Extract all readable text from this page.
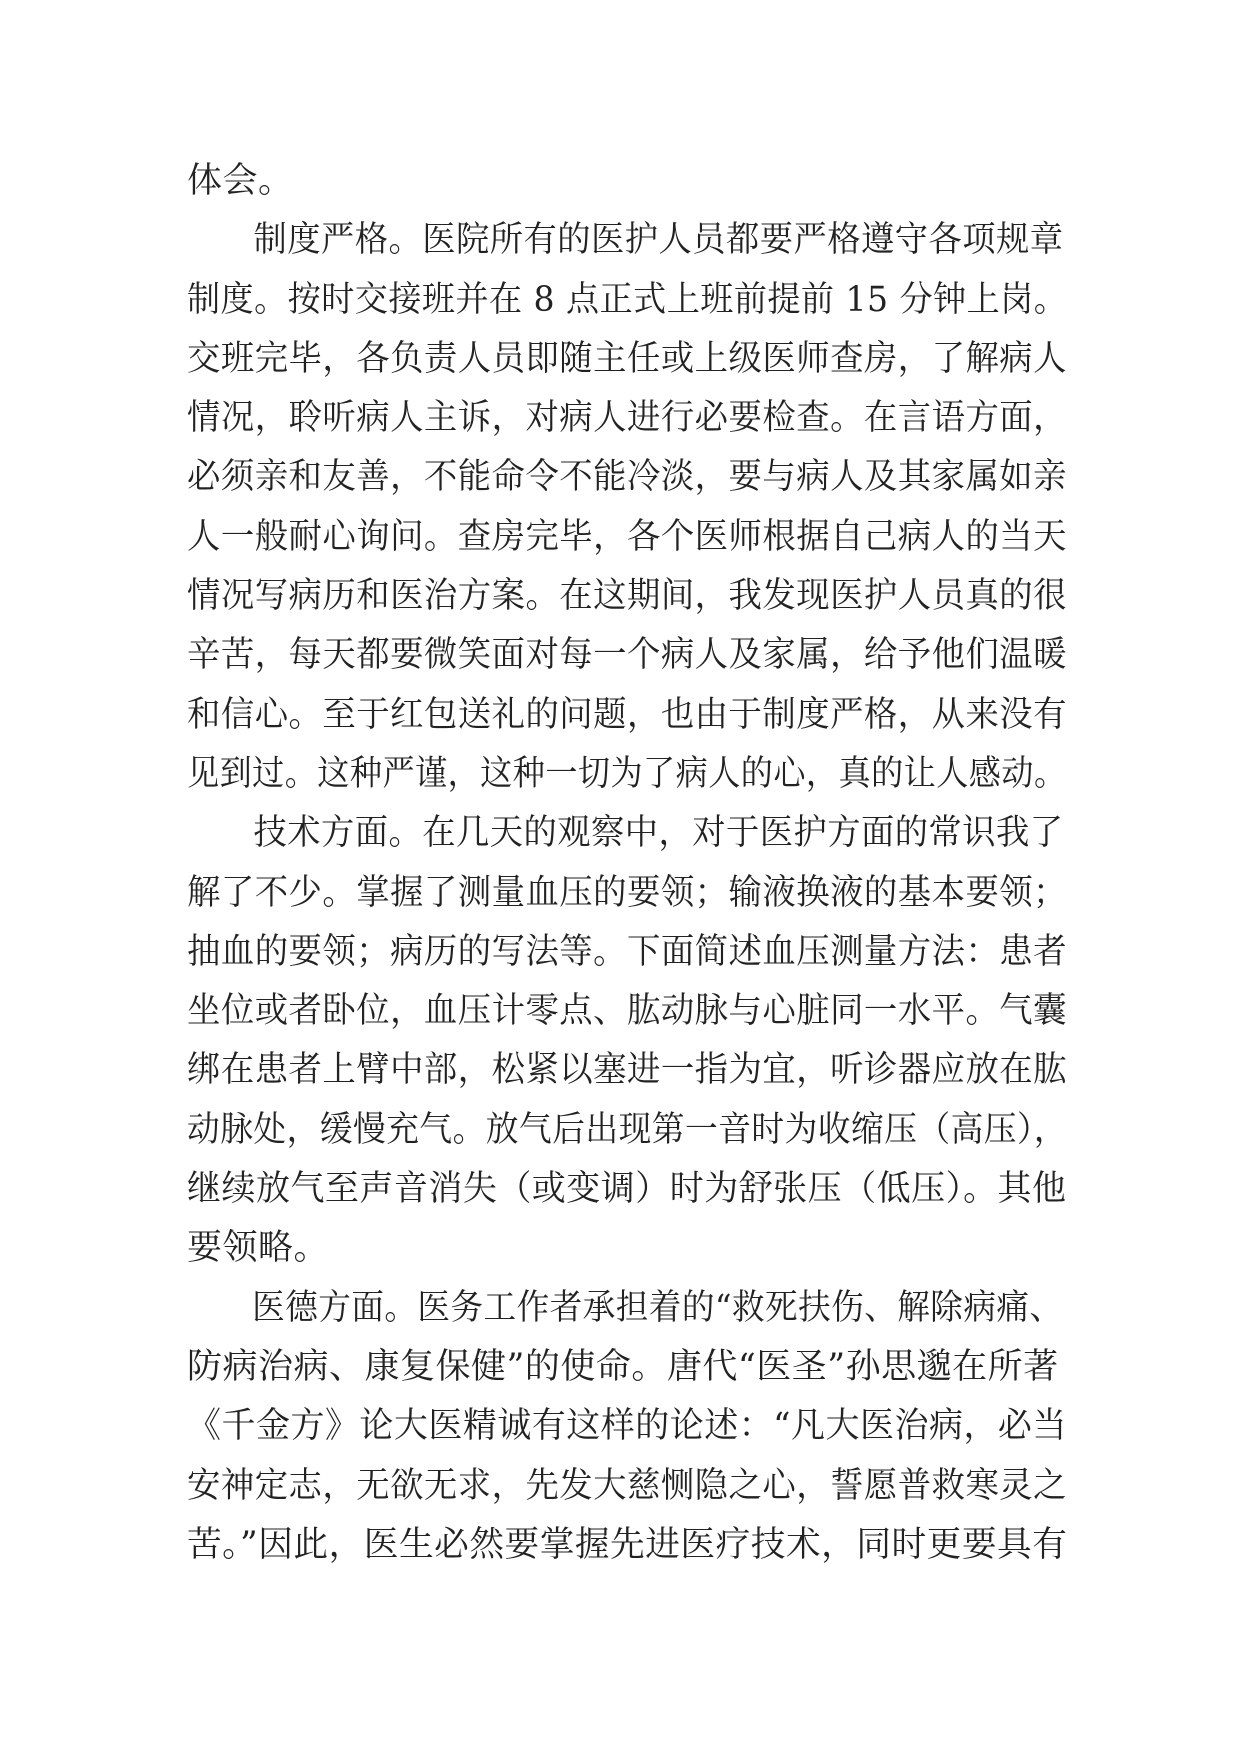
体会。
制度严格。医院所有的医护人员都要严格遵守各项规章
制度。按时交接班并在 8 点正式上班前提前 15 分钟上岗。
交班完毕，各负责人员即随主任或上级医师查房，了解病人
情况，聆听病人主诉，对病人进行必要检查。在言语方面，
必须亲和友善，不能命令不能冷淡，要与病人及其家属如亲
人一般耐心询问。查房完毕，各个医师根据自己病人的当天
情况写病历和医治方案。在这期间，我发现医护人员真的很
辛苦，每天都要微笑面对每一个病人及家属，给予他们温暖
和信心。至于红包送礼的问题，也由于制度严格，从来没有
见到过。这种严谨，这种一切为了病人的心，真的让人感动。
技术方面。在几天的观察中，对于医护方面的常识我了
解了不少。掌握了测量血压的要领；输液换液的基本要领；
抽血的要领；病历的写法等。下面简述血压测量方法：患者
坐位或者卧位，血压计零点、肱动脉与心脏同一水平。气囊
绑在患者上臂中部，松紧以塞进一指为宜，听诊器应放在肱
动脉处，缓慢充气。放气后出现第一音时为收缩压（高压），
继续放气至声音消失（或变调）时为舒张压（低压）。其他
要领略。
医德方面。医务工作者承担着的“救死扶伤、解除病痛、
防病治病、康复保健”的使命。唐代“医圣”孙思邈在所著
《千金方》论大医精诚有这样的论述：“凡大医治病，必当
安神定志，无欲无求，先发大慈恻隐之心，誓愿普救寒灵之
苦。”因此，医生必然要掌握先进医疗技术，同时更要具有
